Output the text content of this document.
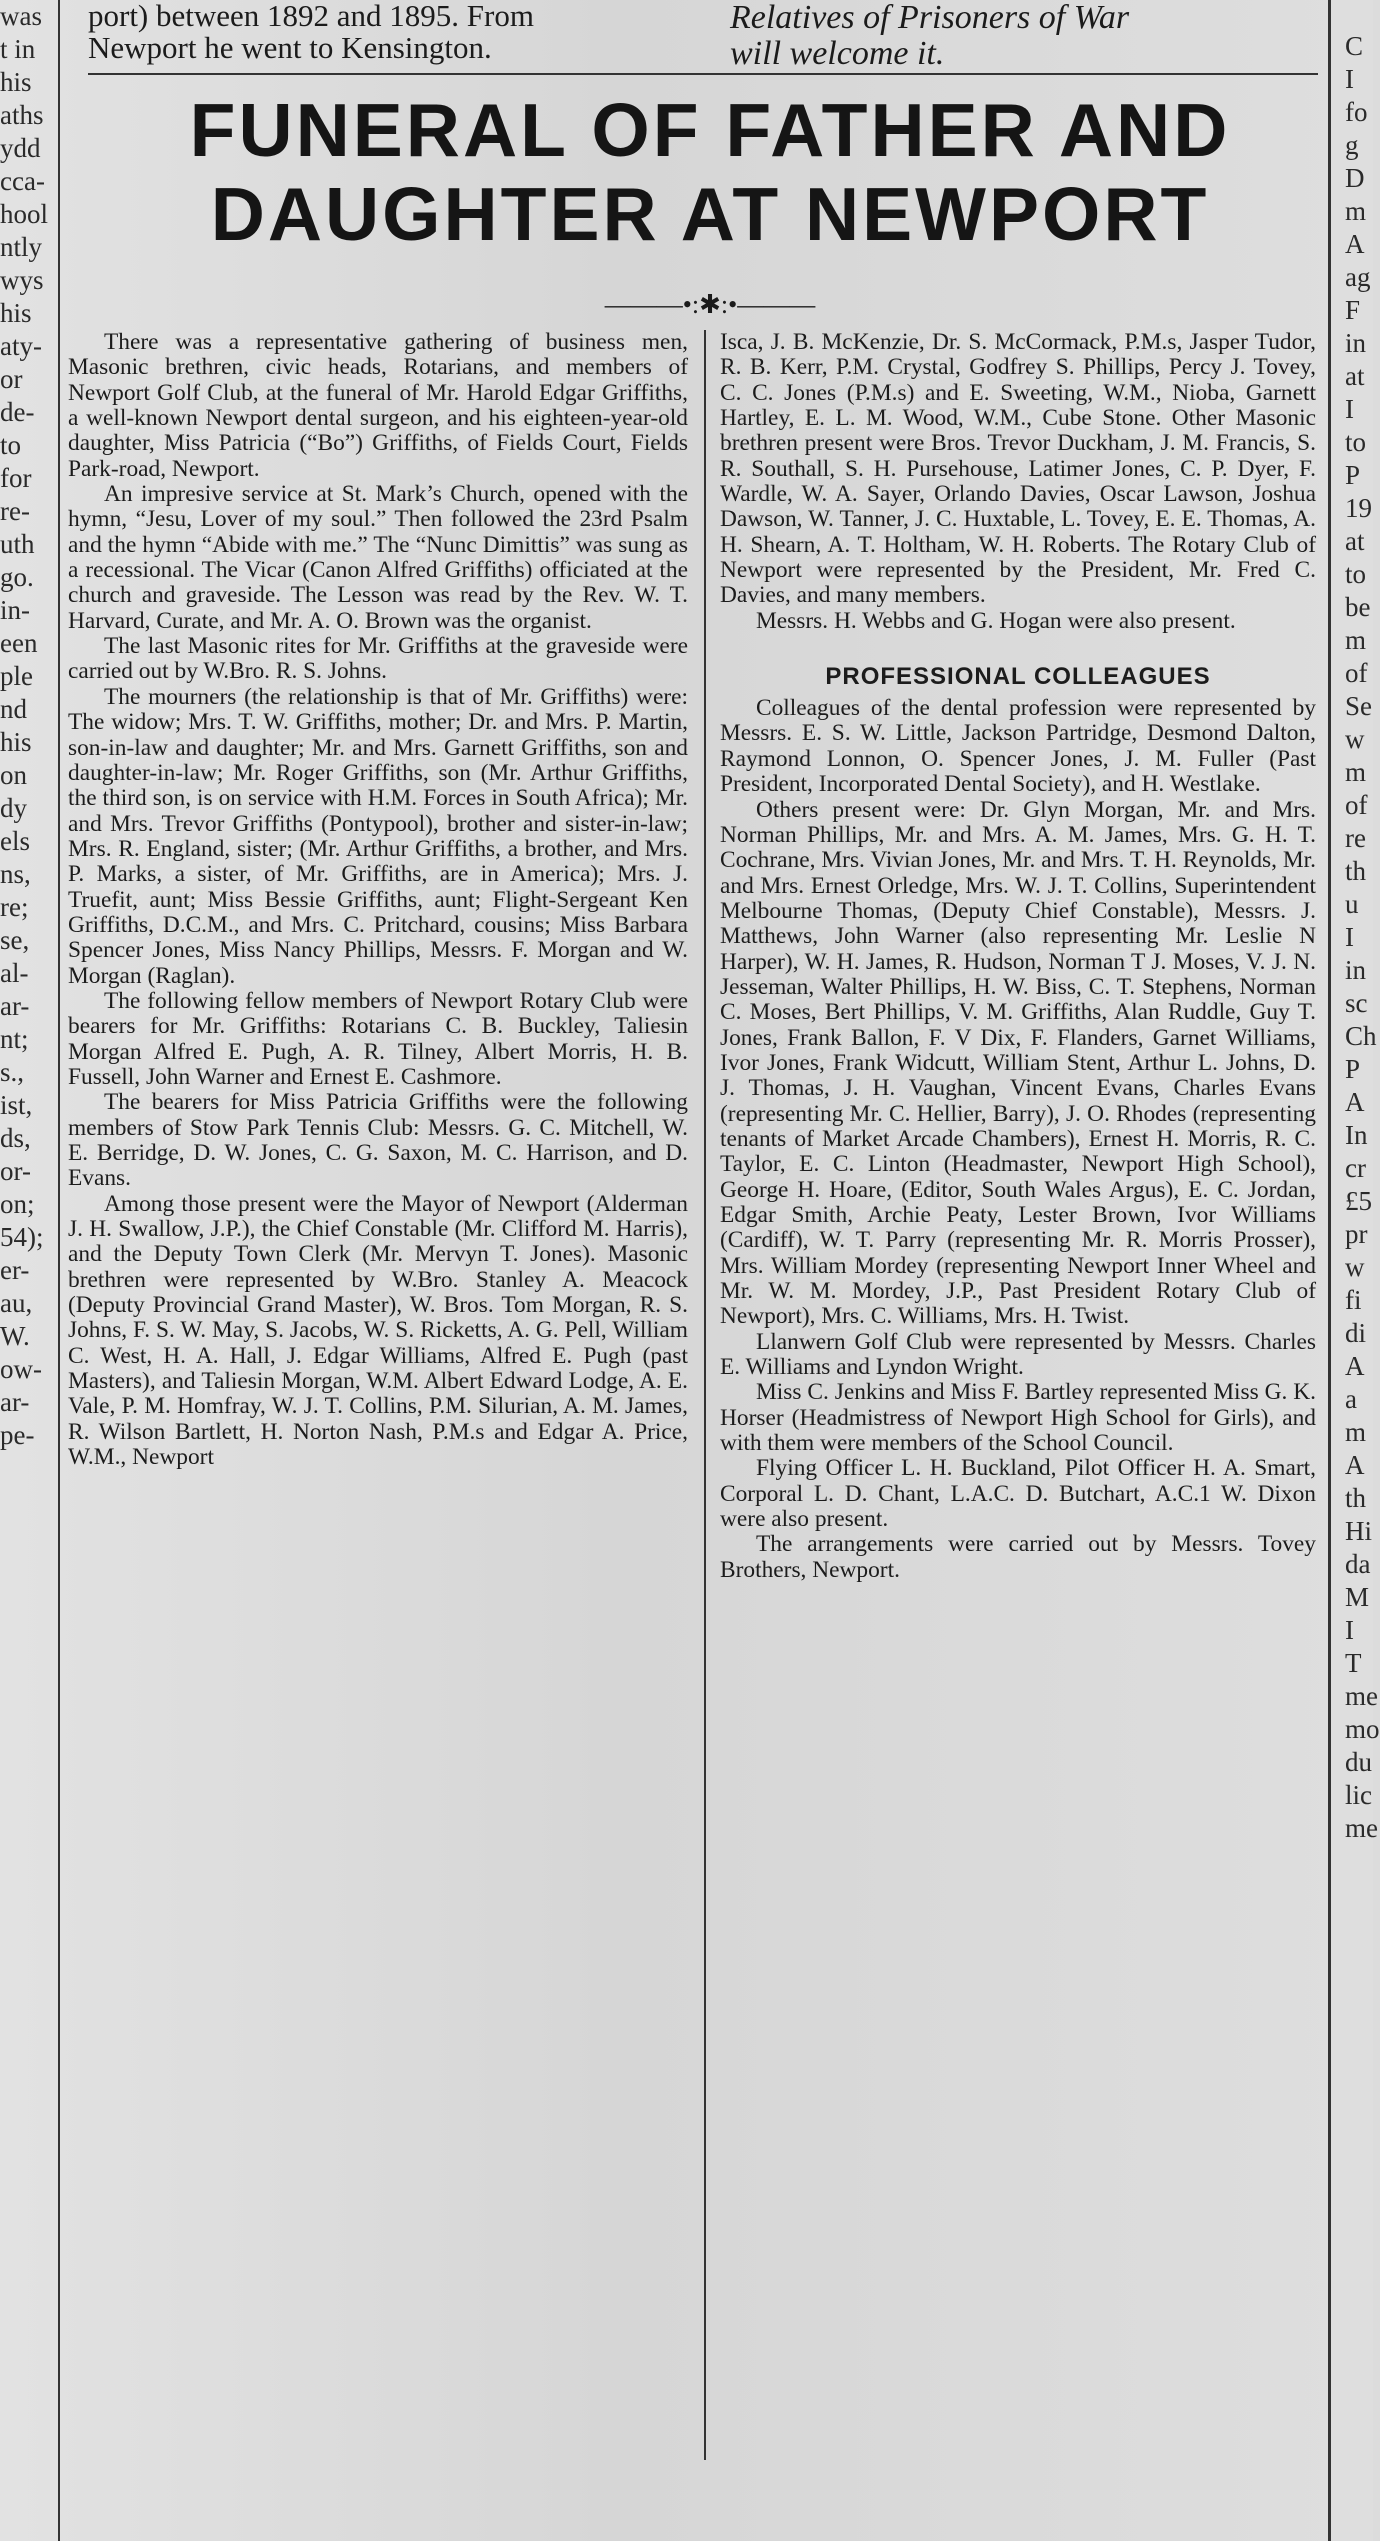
was
t in
his
aths
ydd
cca-
hool
ntly
wys
his
aty-
or
de-
to
for
re-
uth
go.
in-
een
ple
nd
his
on
dy
els
ns,
re;
se,
al-
ar-
nt;
s.,
ist,
ds,
or-
on;
54);
er-
au,
W.
ow-
ar-
pe-
C
I
fo
g
D
m
A
ag
F
in
at
I
to
P
19
at
to
be
m
of
Se
w
m
of
re
th
u
I
in
sc
Ch
P
A
In
cr
£5
pr
w
fi
di
A
a
m
A
th
Hi
da
M
I
T
me
mo
du
lic
me
port) between 1892 and 1895. From
Newport he went to Kensington.
Relatives of Prisoners of War
will welcome it.
FUNERAL OF FATHER AND
DAUGHTER AT NEWPORT
———•:✱:•———

There was a representative gathering of business men, Masonic brethren, civic heads, Rotarians, and members of Newport Golf Club, at the funeral of Mr. Harold Edgar Griffiths, a well-known Newport dental surgeon, and his eighteen-year-old daughter, Miss Patricia (“Bo”) Griffiths, of Fields Court, Fields Park-road, Newport.

An impresive service at St. Mark’s Church, opened with the hymn, “Jesu, Lover of my soul.” Then followed the 23rd Psalm and the hymn “Abide with me.” The “Nunc Dimittis” was sung as a recessional. The Vicar (Canon Alfred Griffiths) officiated at the church and graveside. The Lesson was read by the Rev. W. T. Harvard, Curate, and Mr. A. O. Brown was the organist.

The last Masonic rites for Mr. Griffiths at the graveside were carried out by W.Bro. R. S. Johns.

The mourners (the relationship is that of Mr. Griffiths) were: The widow; Mrs. T. W. Griffiths, mother; Dr. and Mrs. P. Martin, son-in-law and daughter; Mr. and Mrs. Garnett Griffiths, son and daughter-in-law; Mr. Roger Griffiths, son (Mr. Arthur Griffiths, the third son, is on service with H.M. Forces in South Africa); Mr. and Mrs. Trevor Griffiths (Pontypool), brother and sister-in-law; Mrs. R. England, sister; (Mr. Arthur Griffiths, a brother, and Mrs. P. Marks, a sister, of Mr. Griffiths, are in America); Mrs. J. Truefit, aunt; Miss Bessie Griffiths, aunt; Flight-Sergeant Ken Griffiths, D.C.M., and Mrs. C. Pritchard, cousins; Miss Barbara Spencer Jones, Miss Nancy Phillips, Messrs. F. Morgan and W. Morgan (Raglan).

The following fellow members of Newport Rotary Club were bearers for Mr. Griffiths: Rotarians C. B. Buckley, Taliesin Morgan Alfred E. Pugh, A. R. Tilney, Albert Morris, H. B. Fussell, John Warner and Ernest E. Cashmore.

The bearers for Miss Patricia Griffiths were the following members of Stow Park Tennis Club: Messrs. G. C. Mitchell, W. E. Berridge, D. W. Jones, C. G. Saxon, M. C. Harrison, and D. Evans.

Among those present were the Mayor of Newport (Alderman J. H. Swallow, J.P.), the Chief Constable (Mr. Clifford M. Harris), and the Deputy Town Clerk (Mr. Mervyn T. Jones). Masonic brethren were represented by W.Bro. Stanley A. Meacock (Deputy Provincial Grand Master), W. Bros. Tom Morgan, R. S. Johns, F. S. W. May, S. Jacobs, W. S. Ricketts, A. G. Pell, William C. West, H. A. Hall, J. Edgar Williams, Alfred E. Pugh (past Masters), and Taliesin Morgan, W.M. Albert Edward Lodge, A. E. Vale, P. M. Homfray, W. J. T. Collins, P.M. Silurian, A. M. James, R. Wilson Bartlett, H. Norton Nash, P.M.s and Edgar A. Price, W.M., Newport

Isca, J. B. McKenzie, Dr. S. McCormack, P.M.s, Jasper Tudor, R. B. Kerr, P.M. Crystal, Godfrey S. Phillips, Percy J. Tovey, C. C. Jones (P.M.s) and E. Sweeting, W.M., Nioba, Garnett Hartley, E. L. M. Wood, W.M., Cube Stone. Other Masonic brethren present were Bros. Trevor Duckham, J. M. Francis, S. R. Southall, S. H. Pursehouse, Latimer Jones, C. P. Dyer, F. Wardle, W. A. Sayer, Orlando Davies, Oscar Lawson, Joshua Dawson, W. Tanner, J. C. Huxtable, L. Tovey, E. E. Thomas, A. H. Shearn, A. T. Holtham, W. H. Roberts. The Rotary Club of Newport were represented by the President, Mr. Fred C. Davies, and many members.

Messrs. H. Webbs and G. Hogan were also present.

PROFESSIONAL COLLEAGUES

Colleagues of the dental profession were represented by Messrs. E. S. W. Little, Jackson Partridge, Desmond Dalton, Raymond Lonnon, O. Spencer Jones, J. M. Fuller (Past President, Incorporated Dental Society), and H. Westlake.

Others present were: Dr. Glyn Morgan, Mr. and Mrs. Norman Phillips, Mr. and Mrs. A. M. James, Mrs. G. H. T. Cochrane, Mrs. Vivian Jones, Mr. and Mrs. T. H. Reynolds, Mr. and Mrs. Ernest Orledge, Mrs. W. J. T. Collins, Superintendent Melbourne Thomas, (Deputy Chief Constable), Messrs. J. Matthews, John Warner (also representing Mr. Leslie N Harper), W. H. James, R. Hudson, Norman T J. Moses, V. J. N. Jesseman, Walter Phillips, H. W. Biss, C. T. Stephens, Norman C. Moses, Bert Phillips, V. M. Griffiths, Alan Ruddle, Guy T. Jones, Frank Ballon, F. V Dix, F. Flanders, Garnet Williams, Ivor Jones, Frank Widcutt, William Stent, Arthur L. Johns, D. J. Thomas, J. H. Vaughan, Vincent Evans, Charles Evans (representing Mr. C. Hellier, Barry), J. O. Rhodes (representing tenants of Market Arcade Chambers), Ernest H. Morris, R. C. Taylor, E. C. Linton (Headmaster, Newport High School), George H. Hoare, (Editor, South Wales Argus), E. C. Jordan, Edgar Smith, Archie Peaty, Lester Brown, Ivor Williams (Cardiff), W. T. Parry (representing Mr. R. Morris Prosser), Mrs. William Mordey (representing Newport Inner Wheel and Mr. W. M. Mordey, J.P., Past President Rotary Club of Newport), Mrs. C. Williams, Mrs. H. Twist.

Llanwern Golf Club were represented by Messrs. Charles E. Williams and Lyndon Wright.

Miss C. Jenkins and Miss F. Bartley represented Miss G. K. Horser (Headmistress of Newport High School for Girls), and with them were members of the School Council.

Flying Officer L. H. Buckland, Pilot Officer H. A. Smart, Corporal L. D. Chant, L.A.C. D. Butchart, A.C.1 W. Dixon were also present.

The arrangements were carried out by Messrs. Tovey Brothers, Newport.
